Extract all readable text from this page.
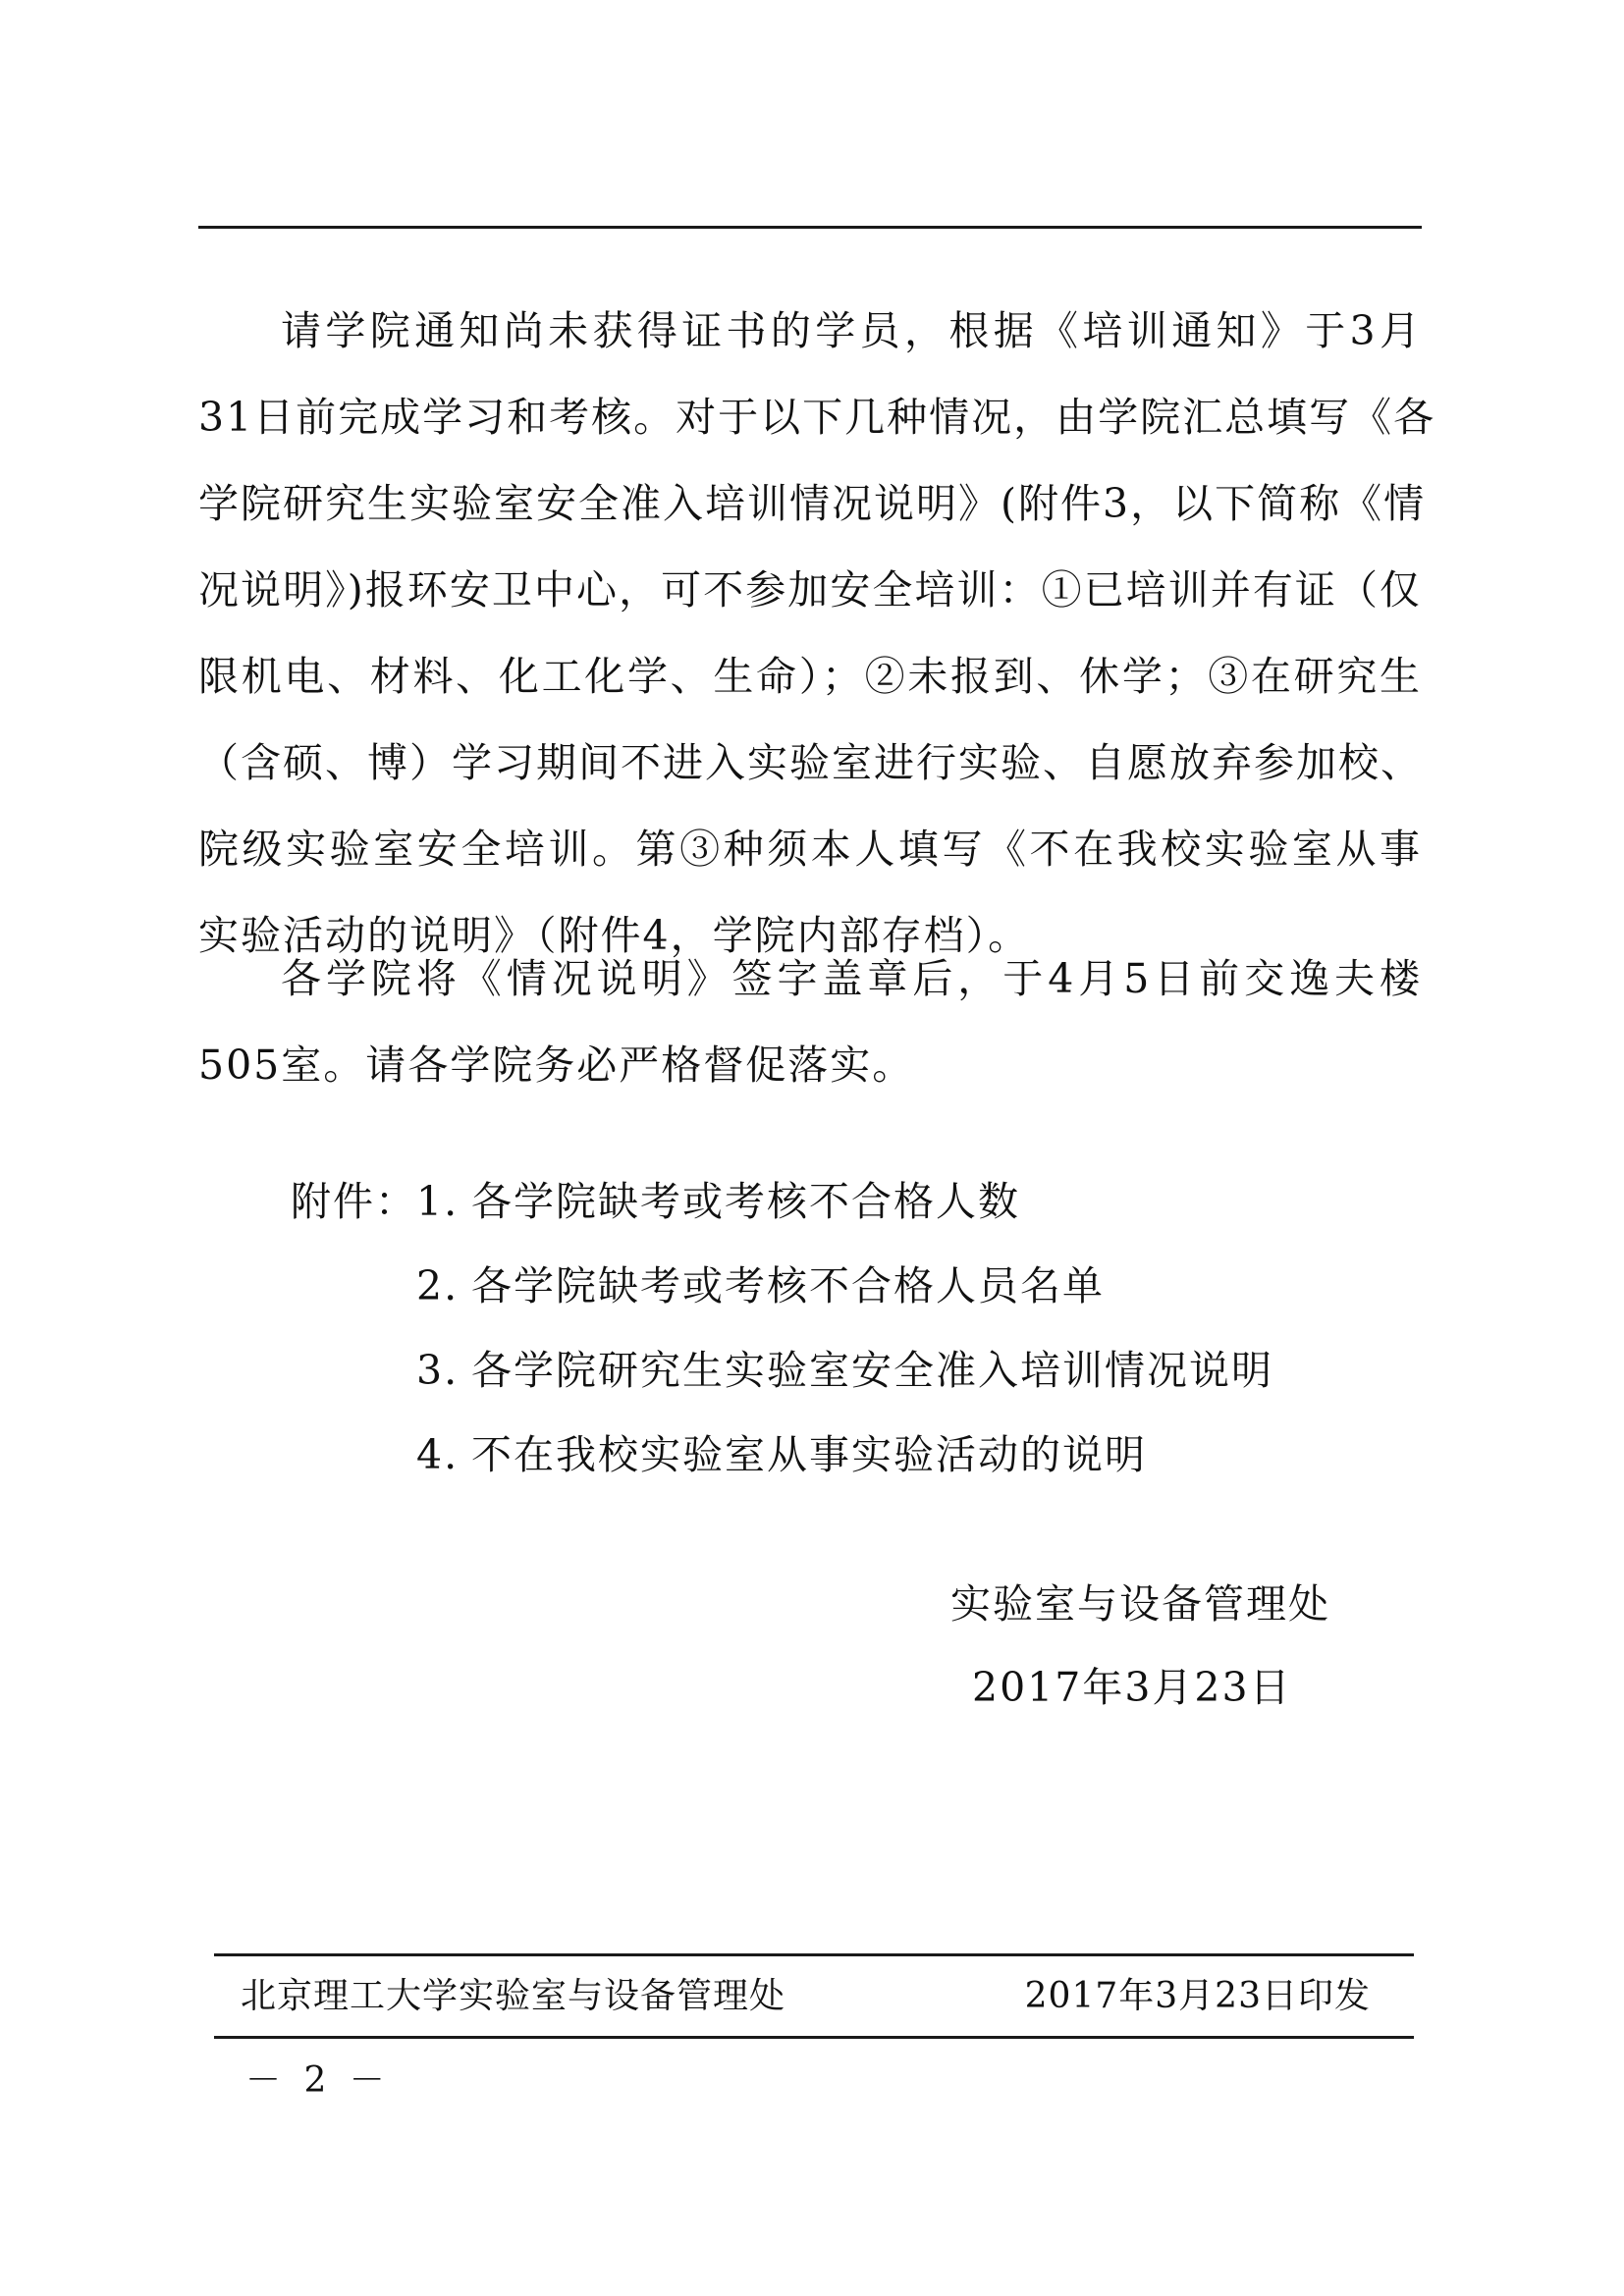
请学院通知尚未获得证书的学员，根据《培训通知》于3月
31日前完成学习和考核。对于以下几种情况，由学院汇总填写《各
学院研究生实验室安全准入培训情况说明》(附件3，以下简称《情
况说明》)报环安卫中心，可不参加安全培训：①已培训并有证（仅
限机电、材料、化工化学、生命）；②未报到、休学；③在研究生
（含硕、博）学习期间不进入实验室进行实验、自愿放弃参加校、
院级实验室安全培训。第③种须本人填写《不在我校实验室从事
实验活动的说明》（附件4，学院内部存档）。
各学院将《情况说明》签字盖章后，于4月5日前交逸夫楼
505室。请各学院务必严格督促落实。
附件： 1. 各学院缺考或考核不合格人数
2. 各学院缺考或考核不合格人员名单
3. 各学院研究生实验室安全准入培训情况说明
4. 不在我校实验室从事实验活动的说明
实验室与设备管理处
2017年3月23日
北京理工大学实验室与设备管理处	2017年3月23日印发
－ 2 －
